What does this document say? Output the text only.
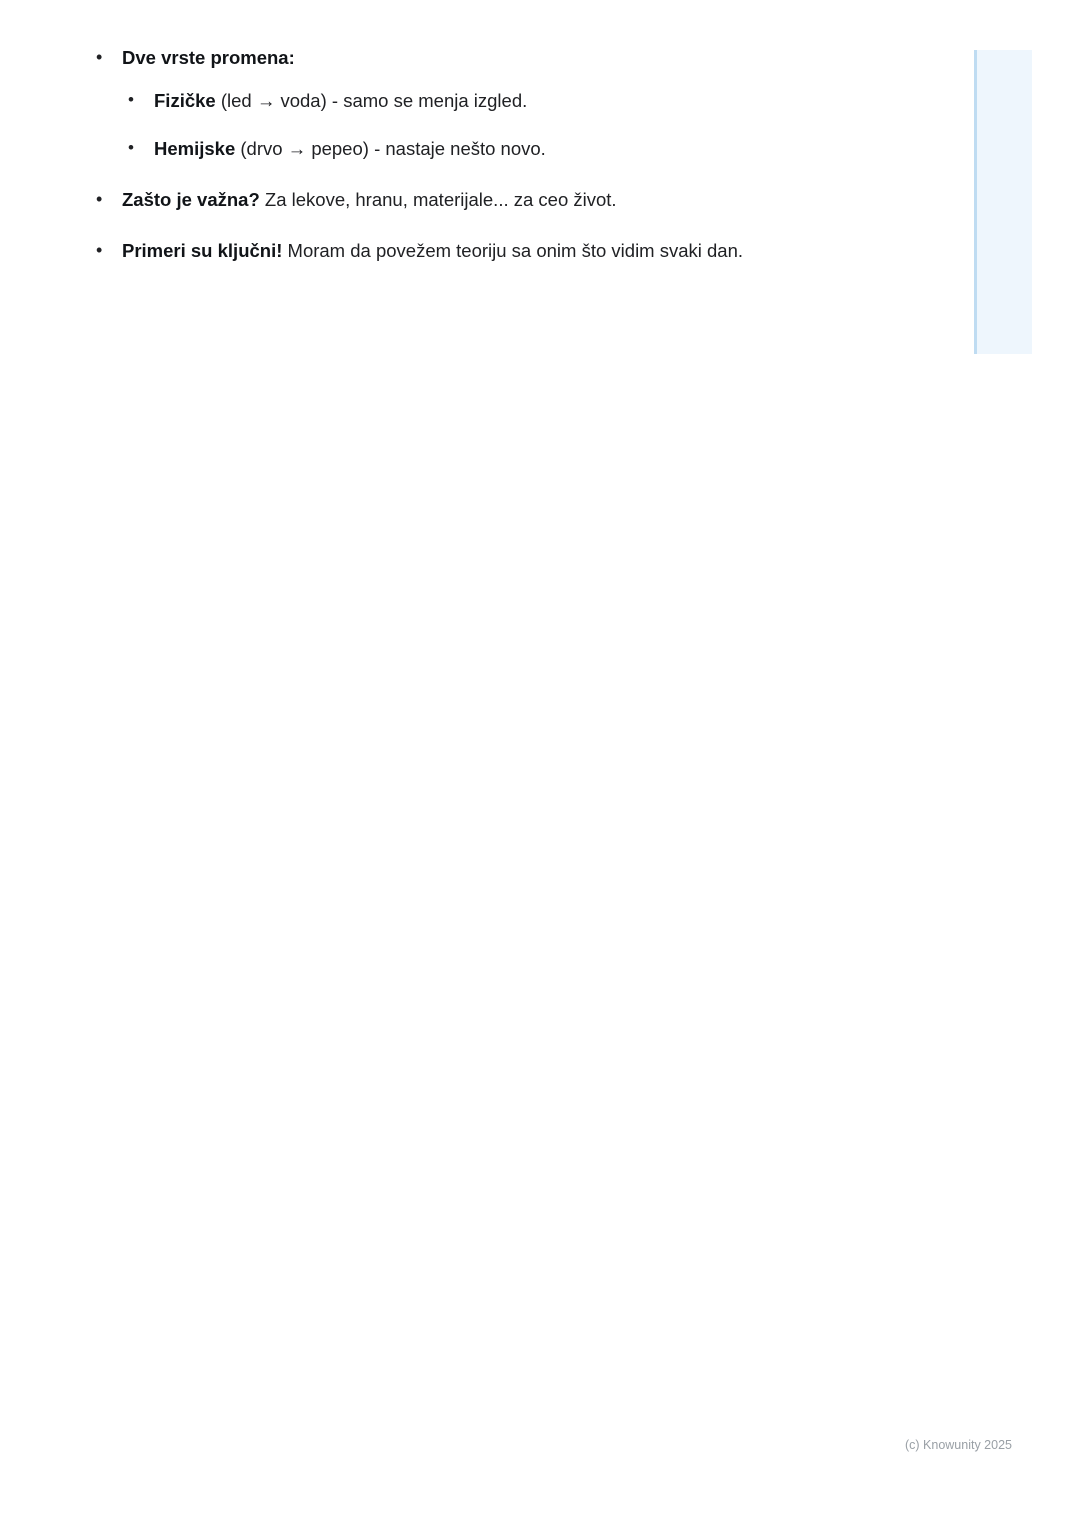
• Dve vrste promena:
• Fizičke (led → voda) - samo se menja izgled.
• Hemijske (drvo → pepeo) - nastaje nešto novo.
• Zašto je važna? Za lekove, hranu, materijale... za ceo život.
• Primeri su ključni! Moram da povežem teoriju sa onim što vidim svaki dan.
(c) Knowunity 2025
